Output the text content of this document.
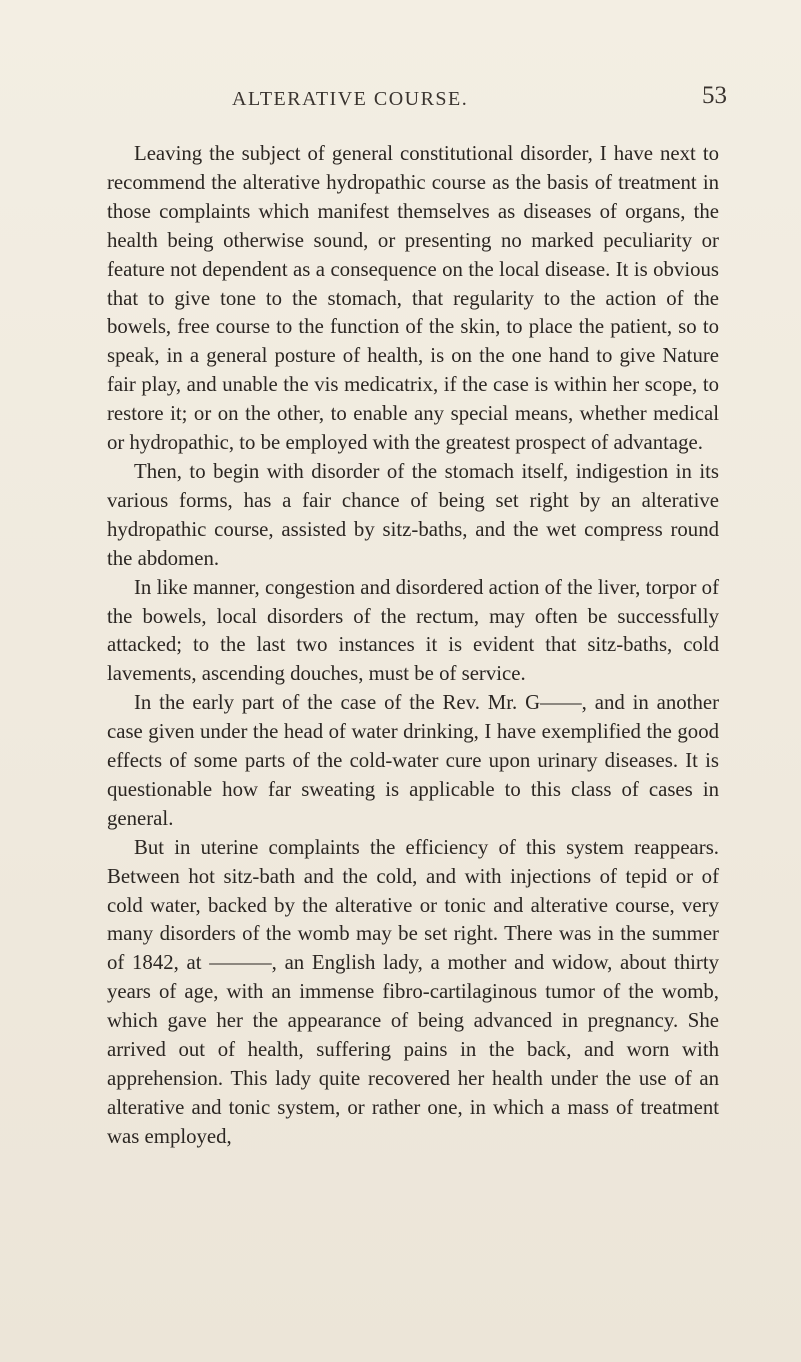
ALTERATIVE COURSE.	53

Leaving the subject of general constitutional disorder, I have next to recommend the alterative hydropathic course as the basis of treatment in those complaints which manifest themselves as diseases of organs, the health being otherwise sound, or presenting no marked peculiarity or feature not dependent as a consequence on the local disease. It is obvious that to give tone to the stomach, that regularity to the action of the bowels, free course to the function of the skin, to place the patient, so to speak, in a general posture of health, is on the one hand to give Nature fair play, and unable the vis medicatrix, if the case is within her scope, to restore it; or on the other, to enable any special means, whether medical or hydropathic, to be employed with the greatest prospect of advantage.

Then, to begin with disorder of the stomach itself, indigestion in its various forms, has a fair chance of being set right by an alterative hydropathic course, assisted by sitz-baths, and the wet compress round the abdomen.

In like manner, congestion and disordered action of the liver, torpor of the bowels, local disorders of the rectum, may often be successfully attacked; to the last two instances it is evident that sitz-baths, cold lavements, ascending douches, must be of service.

In the early part of the case of the Rev. Mr. G——, and in another case given under the head of water drinking, I have exemplified the good effects of some parts of the cold-water cure upon urinary diseases. It is questionable how far sweating is applicable to this class of cases in general.

But in uterine complaints the efficiency of this system reappears. Between hot sitz-bath and the cold, and with injections of tepid or of cold water, backed by the alterative or tonic and alterative course, very many disorders of the womb may be set right. There was in the summer of 1842, at ———, an English lady, a mother and widow, about thirty years of age, with an immense fibro-cartilaginous tumor of the womb, which gave her the appearance of being advanced in pregnancy. She arrived out of health, suffering pains in the back, and worn with apprehension. This lady quite recovered her health under the use of an alterative and tonic system, or rather one, in which a mass of treatment was employed,
